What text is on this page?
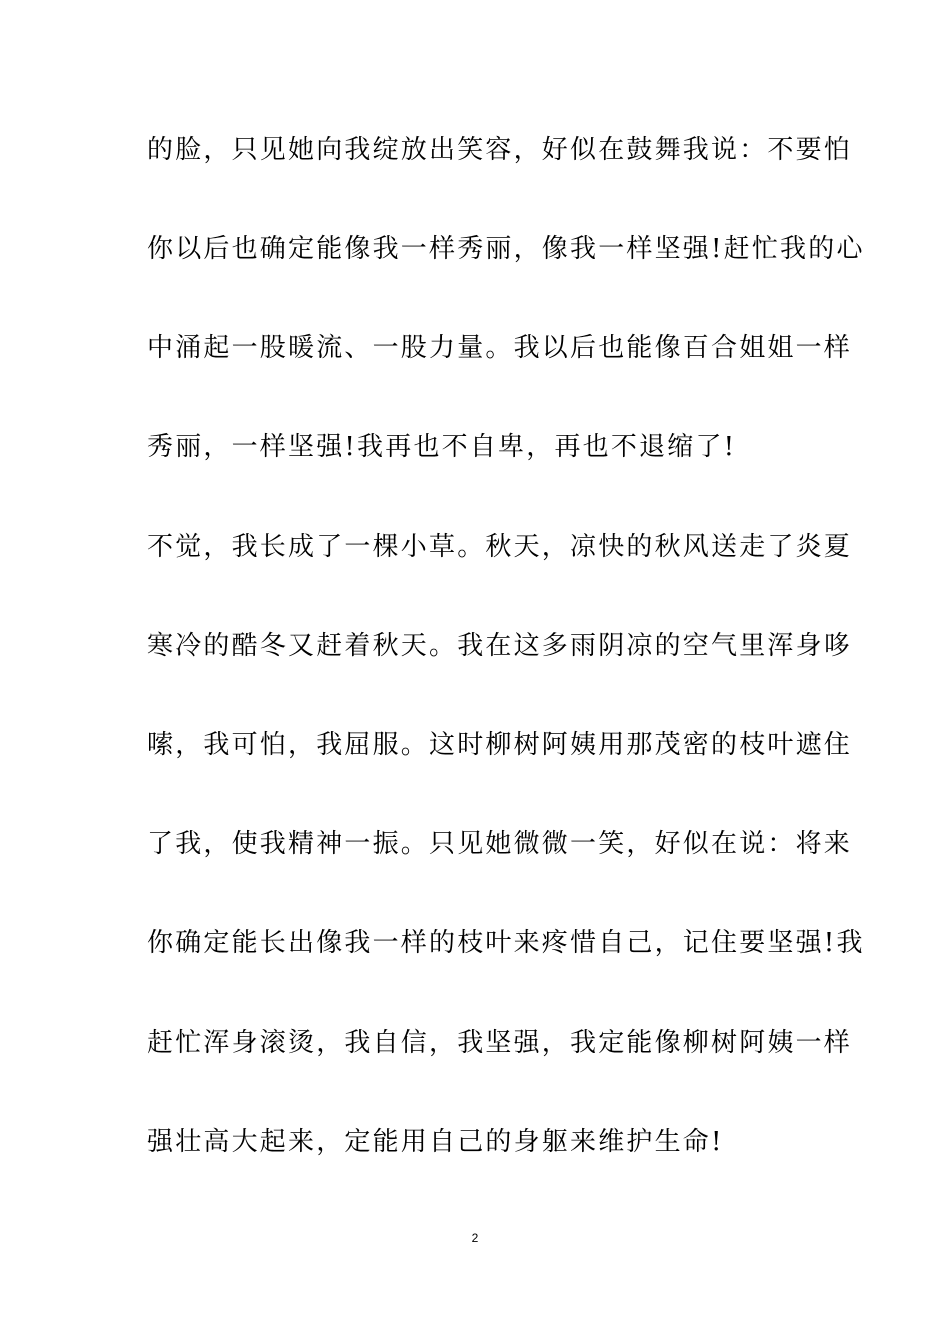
的脸，只见她向我绽放出笑容，好似在鼓舞我说：不要怕
你以后也确定能像我一样秀丽，像我一样坚强!赶忙我的心
中涌起一股暖流、一股力量。我以后也能像百合姐姐一样
秀丽，一样坚强!我再也不自卑，再也不退缩了!
不觉，我长成了一棵小草。秋天，凉快的秋风送走了炎夏
寒冷的酷冬又赶着秋天。我在这多雨阴凉的空气里浑身哆
嗦，我可怕，我屈服。这时柳树阿姨用那茂密的枝叶遮住
了我，使我精神一振。只见她微微一笑，好似在说：将来
你确定能长出像我一样的枝叶来疼惜自己，记住要坚强!我
赶忙浑身滚烫，我自信，我坚强，我定能像柳树阿姨一样
强壮高大起来，定能用自己的身躯来维护生命!
2
